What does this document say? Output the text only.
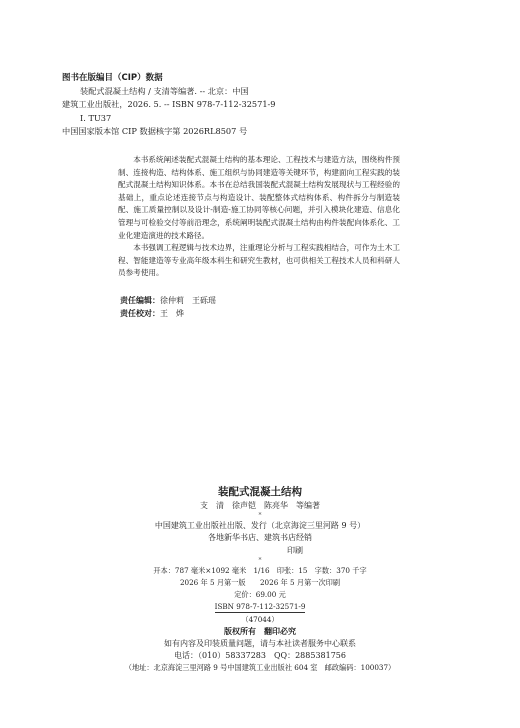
图书在版编目（CIP）数据
装配式混凝土结构 / 支清等编著. -- 北京：中国
建筑工业出版社，2026. 5. -- ISBN 978-7-112-32571-9
Ⅰ. TU37
中国国家版本馆 CIP 数据核字第 2026RL8507 号

本书系统阐述装配式混凝土结构的基本理论、工程技术与建造方法，围绕构件预制、连接构造、结构体系、施工组织与协同建造等关键环节，构建面向工程实践的装配式混凝土结构知识体系。本书在总结我国装配式混凝土结构发展现状与工程经验的基础上，重点论述连接节点与构造设计、装配整体式结构体系、构件拆分与制造装配、施工质量控制以及设计-制造-施工协同等核心问题，并引入模块化建造、信息化管理与可检验交付等前沿理念，系统阐明装配式混凝土结构由构件装配向体系化、工业化建造演进的技术路径。

本书强调工程逻辑与技术边界，注重理论分析与工程实践相结合，可作为土木工程、智能建造等专业高年级本科生和研究生教材，也可供相关工程技术人员和科研人员参考使用。

责任编辑：徐仲莉　王砾瑶
责任校对：王　烨
装配式混凝土结构
支　清　徐声铠　陈亮华　等编著
*
中国建筑工业出版社出版、发行（北京海淀三里河路 9 号）
各地新华书店、建筑书店经销
印刷
*
开本：787 毫米×1092 毫米　1/16　印张：15　字数：370 千字
2026 年 5 月第一版　　2026 年 5 月第一次印刷
定价：69.00 元
ISBN 978-7-112-32571-9
（47044）
版权所有　翻印必究
如有内容及印装质量问题，请与本社读者服务中心联系
电话：（010）58337283　QQ：2885381756
（地址：北京海淀三里河路 9 号中国建筑工业出版社 604 室　邮政编码：100037）
